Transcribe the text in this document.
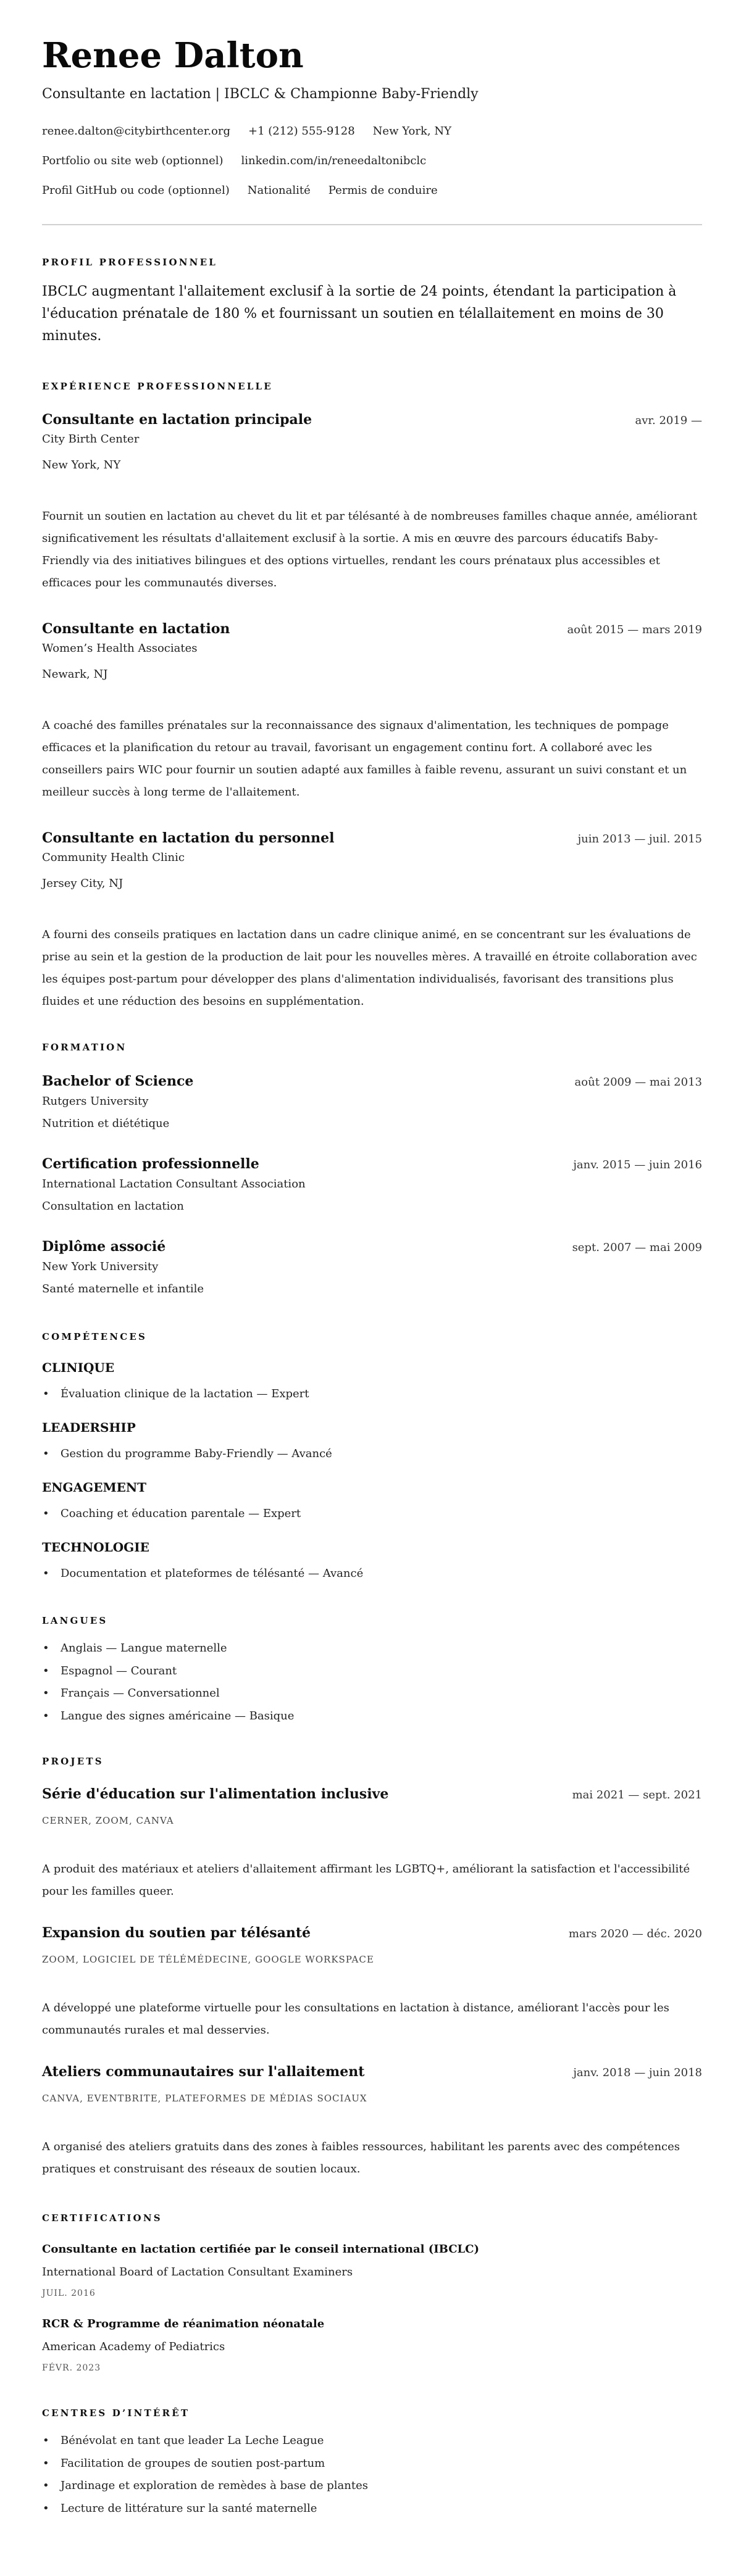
Renee Dalton
Consultante en lactation | IBCLC & Championne Baby-Friendly
renee.dalton@citybirthcenter.org +1 (212) 555-9128 New York, NY
Portfolio ou site web (optionnel) linkedin.com/in/reneedaltonibclc
Profil GitHub ou code (optionnel) Nationalité Permis de conduire
PROFIL PROFESSIONNEL
IBCLC augmentant l'allaitement exclusif à la sortie de 24 points, étendant la participation à l'éducation prénatale de 180 % et fournissant un soutien en télallaitement en moins de 30 minutes.
EXPÉRIENCE PROFESSIONNELLE
Consultante en lactation principale	avr. 2019 —
City Birth Center
New York, NY
Fournit un soutien en lactation au chevet du lit et par télésanté à de nombreuses familles chaque année, améliorant significativement les résultats d'allaitement exclusif à la sortie. A mis en œuvre des parcours éducatifs Baby-Friendly via des initiatives bilingues et des options virtuelles, rendant les cours prénataux plus accessibles et efficaces pour les communautés diverses.
Consultante en lactation	août 2015 — mars 2019
Women’s Health Associates
Newark, NJ
A coaché des familles prénatales sur la reconnaissance des signaux d'alimentation, les techniques de pompage efficaces et la planification du retour au travail, favorisant un engagement continu fort. A collaboré avec les conseillers pairs WIC pour fournir un soutien adapté aux familles à faible revenu, assurant un suivi constant et un meilleur succès à long terme de l'allaitement.
Consultante en lactation du personnel	juin 2013 — juil. 2015
Community Health Clinic
Jersey City, NJ
A fourni des conseils pratiques en lactation dans un cadre clinique animé, en se concentrant sur les évaluations de prise au sein et la gestion de la production de lait pour les nouvelles mères. A travaillé en étroite collaboration avec les équipes post-partum pour développer des plans d'alimentation individualisés, favorisant des transitions plus fluides et une réduction des besoins en supplémentation.
FORMATION
Bachelor of Science	août 2009 — mai 2013
Rutgers University
Nutrition et diététique
Certification professionnelle	janv. 2015 — juin 2016
International Lactation Consultant Association
Consultation en lactation
Diplôme associé	sept. 2007 — mai 2009
New York University
Santé maternelle et infantile
COMPÉTENCES
CLINIQUE
• Évaluation clinique de la lactation — Expert
LEADERSHIP
• Gestion du programme Baby-Friendly — Avancé
ENGAGEMENT
• Coaching et éducation parentale — Expert
TECHNOLOGIE
• Documentation et plateformes de télésanté — Avancé
LANGUES
• Anglais — Langue maternelle
• Espagnol — Courant
• Français — Conversationnel
• Langue des signes américaine — Basique
PROJETS
Série d'éducation sur l'alimentation inclusive	mai 2021 — sept. 2021
CERNER, ZOOM, CANVA
A produit des matériaux et ateliers d'allaitement affirmant les LGBTQ+, améliorant la satisfaction et l'accessibilité pour les familles queer.
Expansion du soutien par télésanté	mars 2020 — déc. 2020
ZOOM, LOGICIEL DE TÉLÉMÉDECINE, GOOGLE WORKSPACE
A développé une plateforme virtuelle pour les consultations en lactation à distance, améliorant l'accès pour les communautés rurales et mal desservies.
Ateliers communautaires sur l'allaitement	janv. 2018 — juin 2018
CANVA, EVENTBRITE, PLATEFORMES DE MÉDIAS SOCIAUX
A organisé des ateliers gratuits dans des zones à faibles ressources, habilitant les parents avec des compétences pratiques et construisant des réseaux de soutien locaux.
CERTIFICATIONS
Consultante en lactation certifiée par le conseil international (IBCLC)
International Board of Lactation Consultant Examiners
JUIL. 2016
RCR & Programme de réanimation néonatale
American Academy of Pediatrics
FÉVR. 2023
CENTRES D’INTÉRÊT
• Bénévolat en tant que leader La Leche League
• Facilitation de groupes de soutien post-partum
• Jardinage et exploration de remèdes à base de plantes
• Lecture de littérature sur la santé maternelle
